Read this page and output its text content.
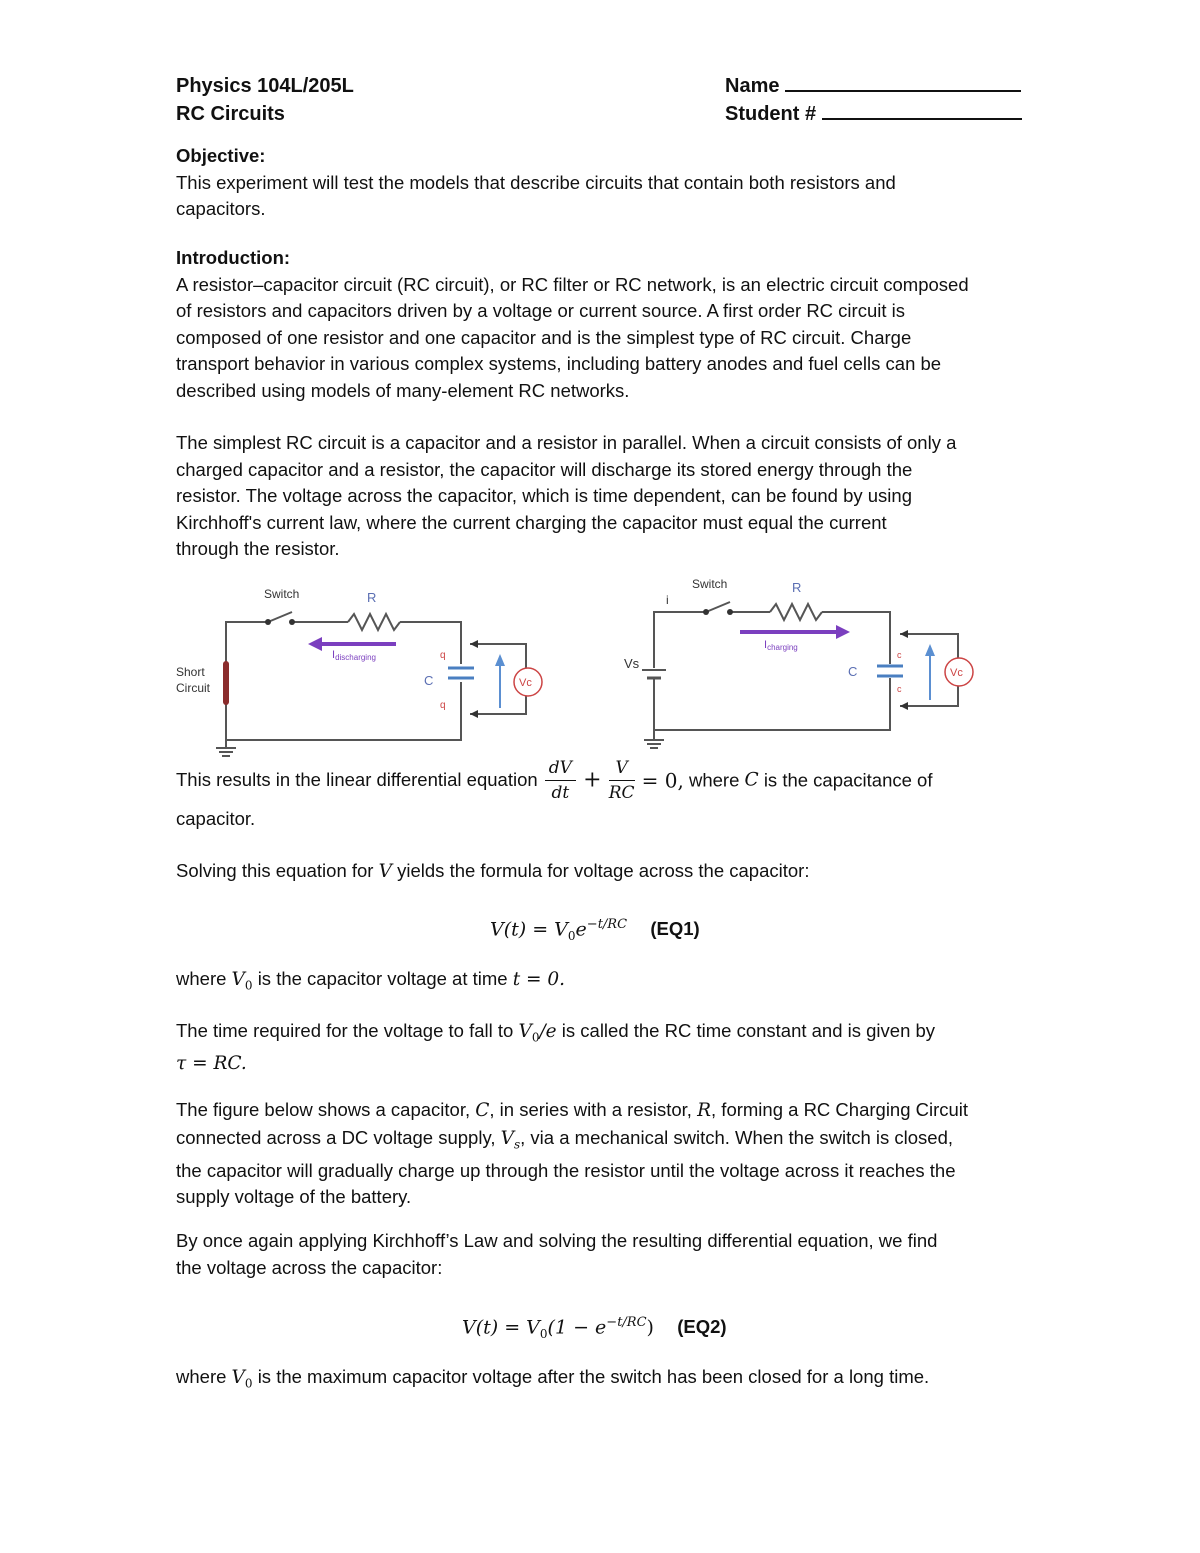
Physics 104L/205L
RC Circuits
Name
Student #
Objective:
This experiment will test the models that describe circuits that contain both resistors and
capacitors.
Introduction:
A resistor–capacitor circuit (RC circuit), or RC filter or RC network, is an electric circuit composed
of resistors and capacitors driven by a voltage or current source. A first order RC circuit is
composed of one resistor and one capacitor and is the simplest type of RC circuit. Charge
transport behavior in various complex systems, including battery anodes and fuel cells can be
described using models of many-element RC networks.
The simplest RC circuit is a capacitor and a resistor in parallel. When a circuit consists of only a
charged capacitor and a resistor, the capacitor will discharge its stored energy through the
resistor. The voltage across the capacitor, which is time dependent, can be found by using
Kirchhoff's current law, where the current charging the capacitor must equal the current
through the resistor.
Switch	R
Idischarging
Short
Circuit	C
q
q
Vc
Switch	R
i
Icharging
Vs
C
c
c
Vc
This results in the linear differential equation $\frac{dV}{dt} + \frac{V}{RC} = 0$, where C is the capacitance of
capacitor.
Solving this equation for V yields the formula for voltage across the capacitor:
$V(t) = V_0e^{-t/RC}$ (EQ1)
where $V_0$ is the capacitor voltage at time t = 0.
The time required for the voltage to fall to $V_0/e$ is called the RC time constant and is given by
τ = RC.
The figure below shows a capacitor, C, in series with a resistor, R, forming a RC Charging Circuit
connected across a DC voltage supply, $V_s$, via a mechanical switch. When the switch is closed,
the capacitor will gradually charge up through the resistor until the voltage across it reaches the
supply voltage of the battery.
By once again applying Kirchhoff’s Law and solving the resulting differential equation, we find
the voltage across the capacitor:
$V(t) = V_0(1 - e^{-t/RC})$ (EQ2)
where $V_0$ is the maximum capacitor voltage after the switch has been closed for a long time.
